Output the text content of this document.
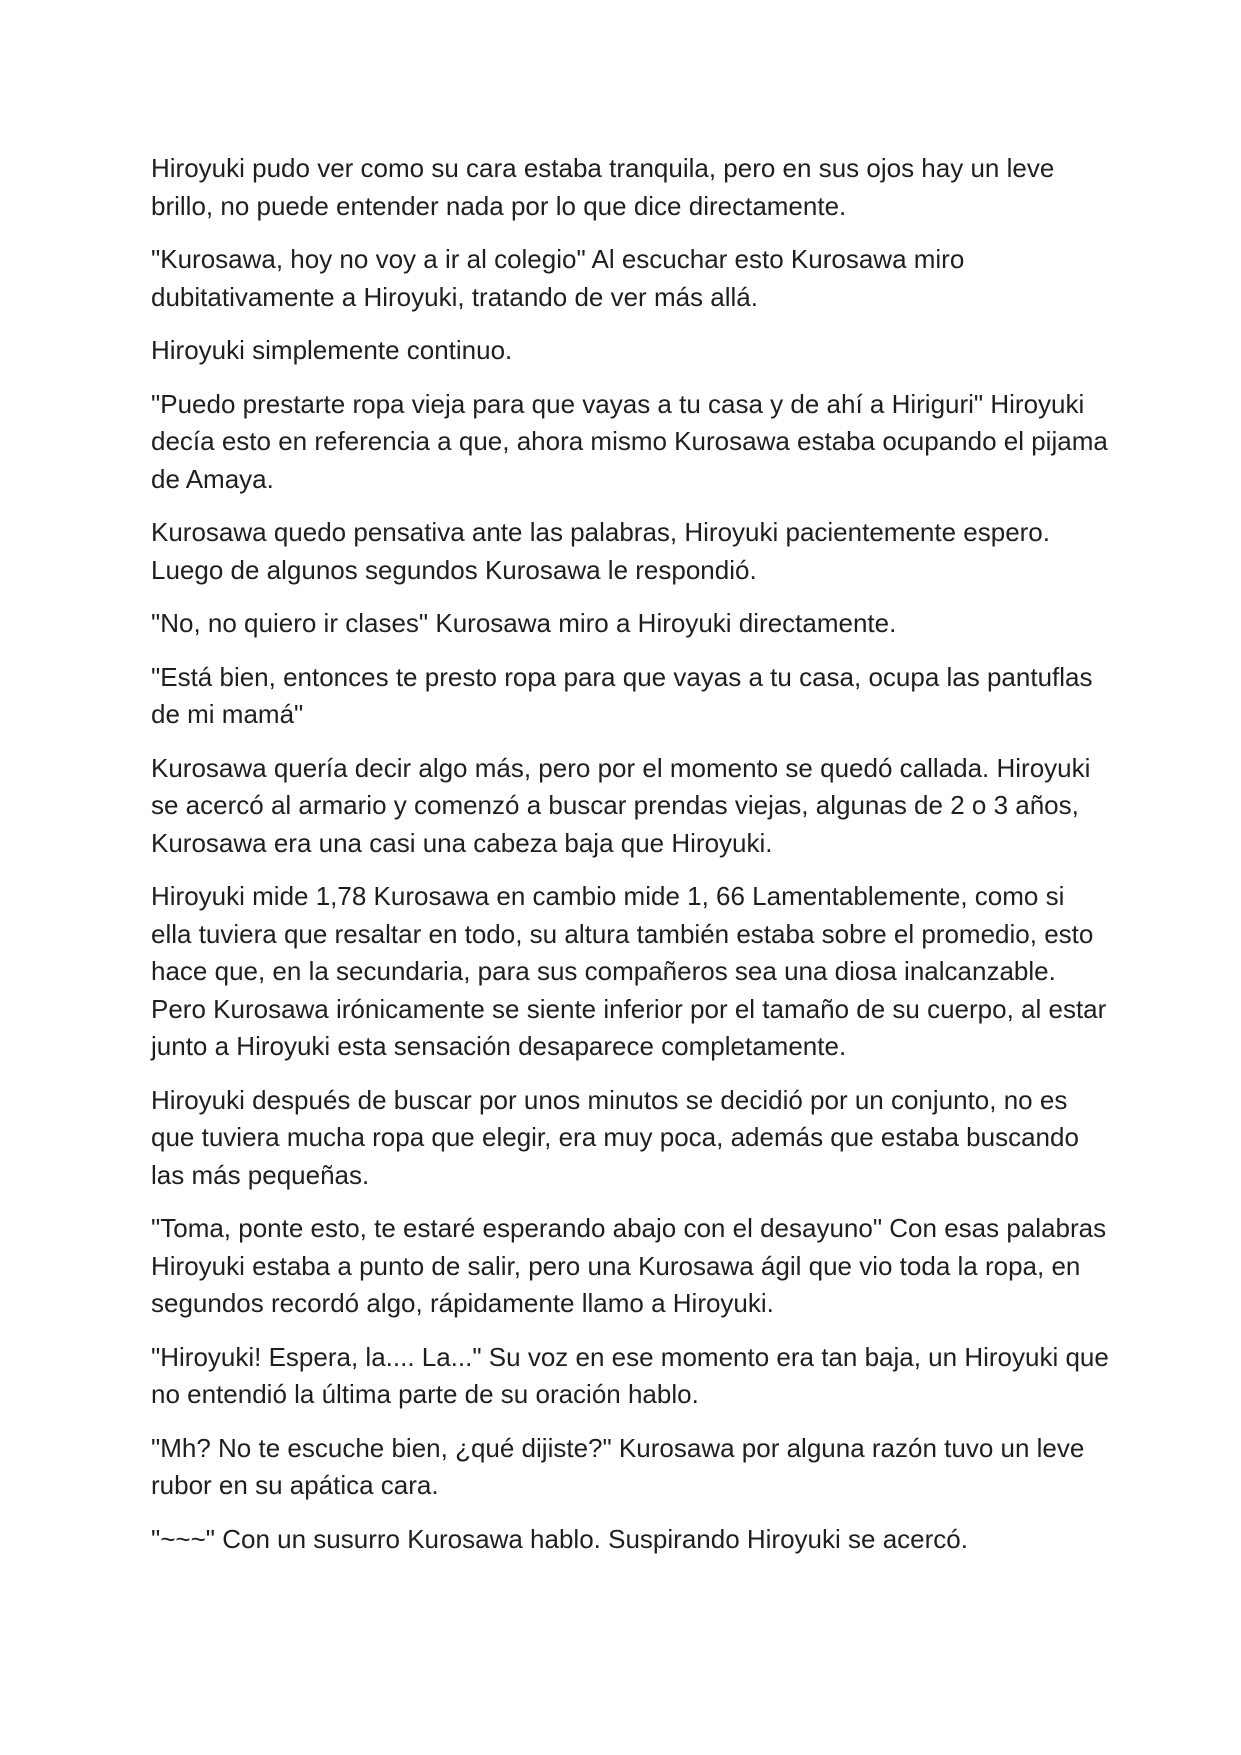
Hiroyuki pudo ver como su cara estaba tranquila, pero en sus ojos hay un leve brillo, no puede entender nada por lo que dice directamente.

"Kurosawa, hoy no voy a ir al colegio" Al escuchar esto Kurosawa miro dubitativamente a Hiroyuki, tratando de ver más allá.

Hiroyuki simplemente continuo.

"Puedo prestarte ropa vieja para que vayas a tu casa y de ahí a Hiriguri" Hiroyuki decía esto en referencia a que, ahora mismo Kurosawa estaba ocupando el pijama de Amaya.

Kurosawa quedo pensativa ante las palabras, Hiroyuki pacientemente espero. Luego de algunos segundos Kurosawa le respondió.

"No, no quiero ir clases" Kurosawa miro a Hiroyuki directamente.

"Está bien, entonces te presto ropa para que vayas a tu casa, ocupa las pantuflas de mi mamá"

Kurosawa quería decir algo más, pero por el momento se quedó callada. Hiroyuki se acercó al armario y comenzó a buscar prendas viejas, algunas de 2 o 3 años, Kurosawa era una casi una cabeza baja que Hiroyuki.

Hiroyuki mide 1,78 Kurosawa en cambio mide 1, 66 Lamentablemente, como si ella tuviera que resaltar en todo, su altura también estaba sobre el promedio, esto hace que, en la secundaria, para sus compañeros sea una diosa inalcanzable. Pero Kurosawa irónicamente se siente inferior por el tamaño de su cuerpo, al estar junto a Hiroyuki esta sensación desaparece completamente.

Hiroyuki después de buscar por unos minutos se decidió por un conjunto, no es que tuviera mucha ropa que elegir, era muy poca, además que estaba buscando las más pequeñas.

"Toma, ponte esto, te estaré esperando abajo con el desayuno" Con esas palabras Hiroyuki estaba a punto de salir, pero una Kurosawa ágil que vio toda la ropa, en segundos recordó algo, rápidamente llamo a Hiroyuki.

"Hiroyuki! Espera, la.... La..." Su voz en ese momento era tan baja, un Hiroyuki que no entendió la última parte de su oración hablo.

"Mh? No te escuche bien, ¿qué dijiste?" Kurosawa por alguna razón tuvo un leve rubor en su apática cara.

"~~~" Con un susurro Kurosawa hablo. Suspirando Hiroyuki se acercó.
